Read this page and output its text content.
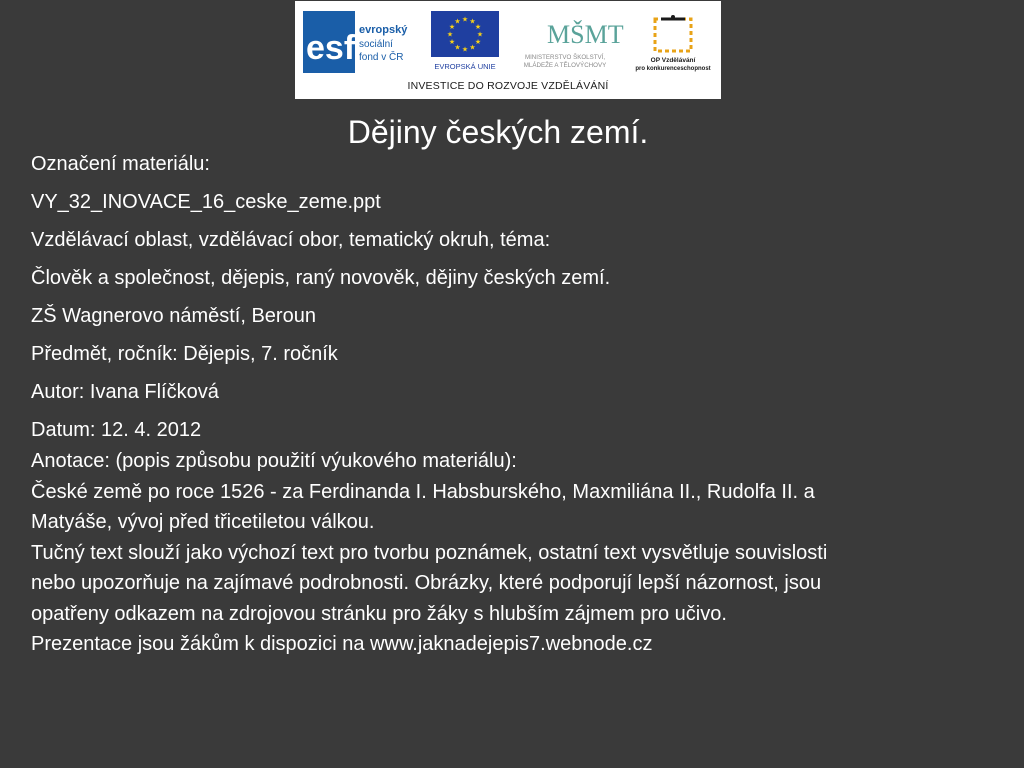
esf evropský
sociální
fond v ČR
★ ★
★
★
★
★
★
★
★
★
★
★
EVROPSKÁ UNIE
MŠMT
MINISTERSTVO ŠKOLSTVÍ,
MLÁDEŽE A TĚLOVÝCHOVY
OP Vzdělávání
pro konkurenceschopnost
INVESTICE DO ROZVOJE VZDĚLÁVÁNÍ
Dějiny českých zemí.
Označení materiálu:
VY_32_INOVACE_16_ceske_zeme.ppt
Vzdělávací oblast, vzdělávací obor, tematický okruh, téma:
Člověk a společnost, dějepis, raný novověk, dějiny českých zemí.
ZŠ Wagnerovo náměstí, Beroun
Předmět, ročník: Dějepis, 7. ročník
Autor: Ivana Flíčková
Datum: 12. 4. 2012
Anotace: (popis způsobu použití výukového materiálu):
České země po roce 1526 - za Ferdinanda I. Habsburského, Maxmiliána II., Rudolfa II. a
Matyáše, vývoj před třicetiletou válkou.
Tučný text slouží jako výchozí text pro tvorbu poznámek, ostatní text vysvětluje souvislosti
nebo upozorňuje na zajímavé podrobnosti. Obrázky, které podporují lepší názornost, jsou
opatřeny odkazem na zdrojovou stránku pro žáky s hlubším zájmem pro učivo.
Prezentace jsou žákům k dispozici na www.jaknadejepis7.webnode.cz
